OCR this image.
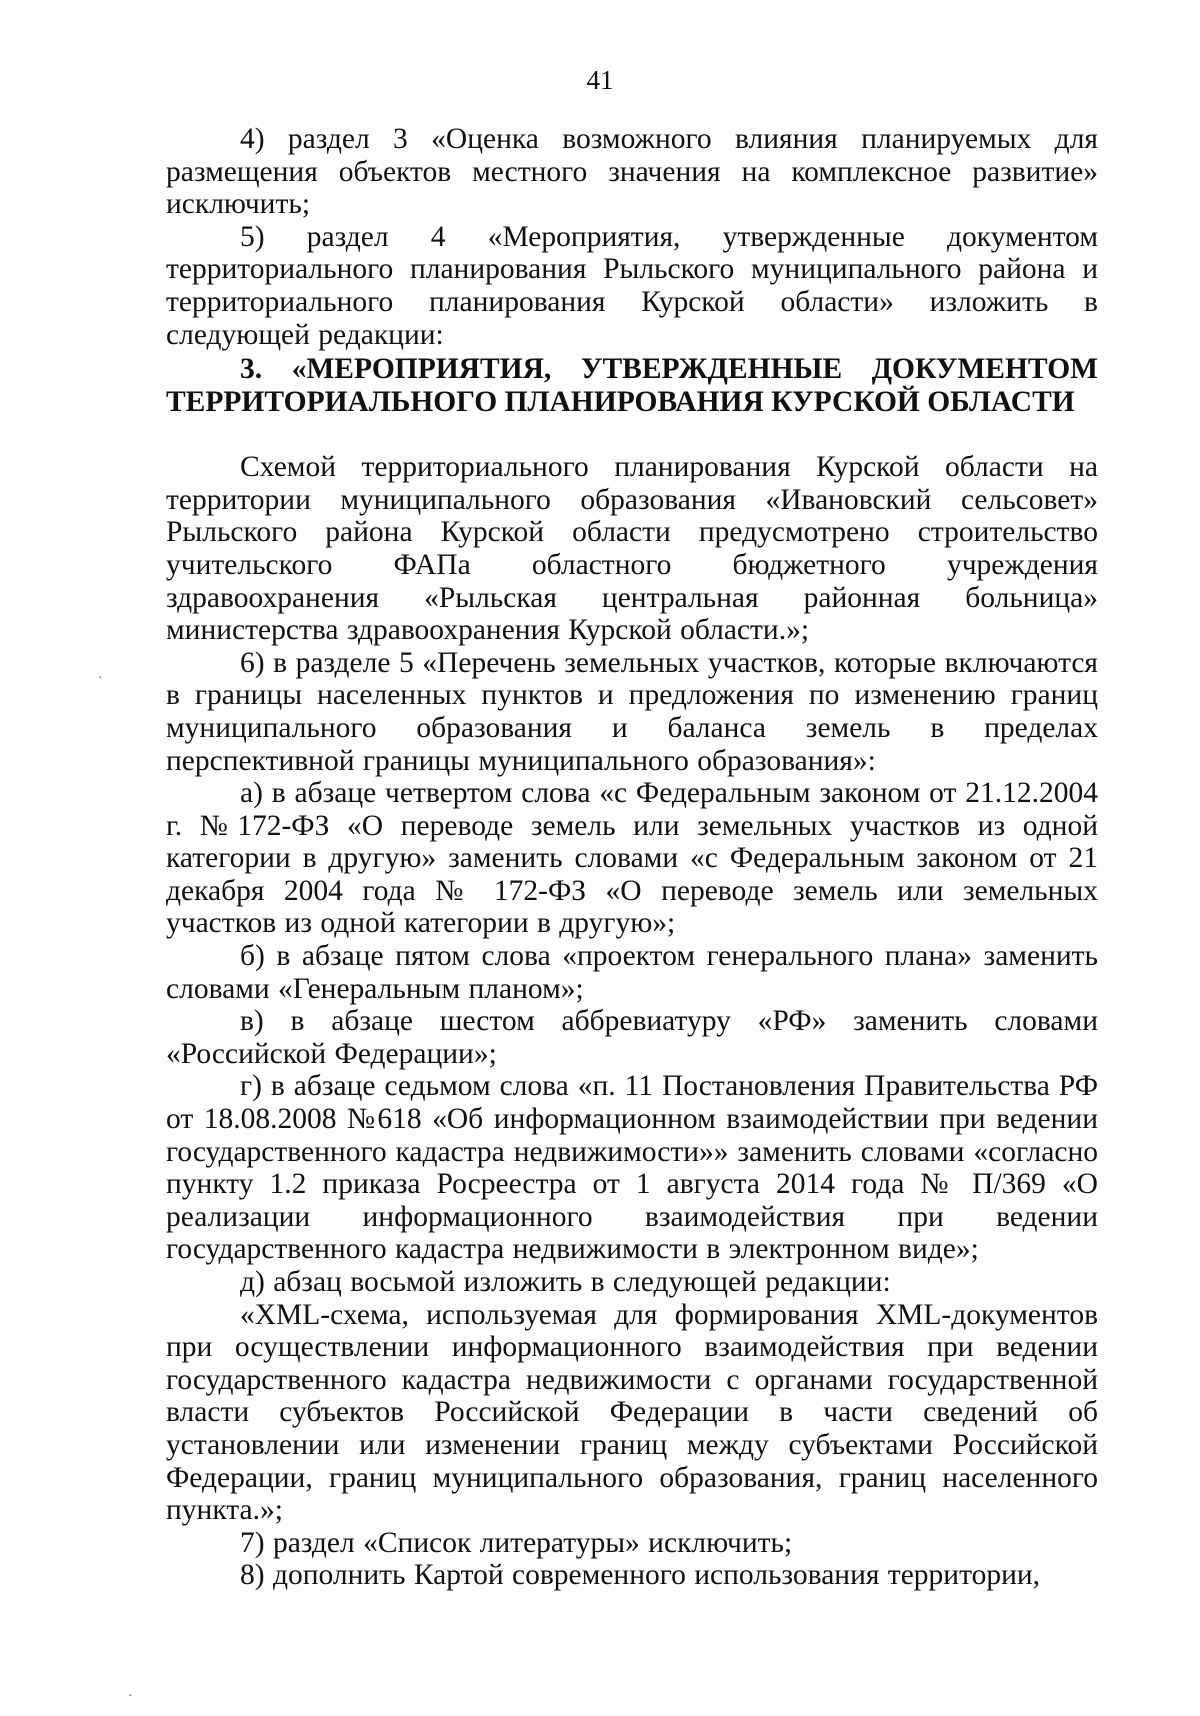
41

4) раздел 3 «Оценка возможного влияния планируемых для размещения объектов местного значения на комплексное развитие» исключить;

5) раздел 4 «Мероприятия, утвержденные документом территориального планирования Рыльского муниципального района и территориального планирования Курской области» изложить в следующей редакции:

3. «МЕРОПРИЯТИЯ, УТВЕРЖДЕННЫЕ ДОКУМЕНТОМ ТЕРРИТОРИАЛЬНОГО ПЛАНИРОВАНИЯ КУРСКОЙ ОБЛАСТИ

Схемой территориального планирования Курской области на территории муниципального образования «Ивановский сельсовет» Рыльского района Курской области предусмотрено строительство учительского ФАПа областного бюджетного учреждения здравоохранения «Рыльская центральная районная больница» министерства здравоохранения Курской области.»;

6) в разделе 5 «Перечень земельных участков, которые включаются в границы населенных пунктов и предложения по изменению границ муниципального образования и баланса земель в пределах перспективной границы муниципального образования»:

а) в абзаце четвертом слова «с Федеральным законом от 21.12.2004 г. №172-ФЗ «О переводе земель или земельных участков из одной категории в другую» заменить словами «с Федеральным законом от 21 декабря 2004 года № 172-ФЗ «О переводе земель или земельных участков из одной категории в другую»;

б) в абзаце пятом слова «проектом генерального плана» заменить словами «Генеральным планом»;

в) в абзаце шестом аббревиатуру «РФ» заменить словами «Российской Федерации»;

г) в абзаце седьмом слова «п. 11 Постановления Правительства РФ от 18.08.2008 №618 «Об информационном взаимодействии при ведении государственного кадастра недвижимости»» заменить словами «согласно пункту 1.2 приказа Росреестра от 1 августа 2014 года № П/369 «О реализации информационного взаимодействия при ведении государственного кадастра недвижимости в электронном виде»;

д) абзац восьмой изложить в следующей редакции:

«XML-схема, используемая для формирования XML-документов при осуществлении информационного взаимодействия при ведении государственного кадастра недвижимости с органами государственной власти субъектов Российской Федерации в части сведений об установлении или изменении границ между субъектами Российской Федерации, границ муниципального образования, границ населенного пункта.»;

7) раздел «Список литературы» исключить;

8) дополнить Картой современного использования территории,

`
·
